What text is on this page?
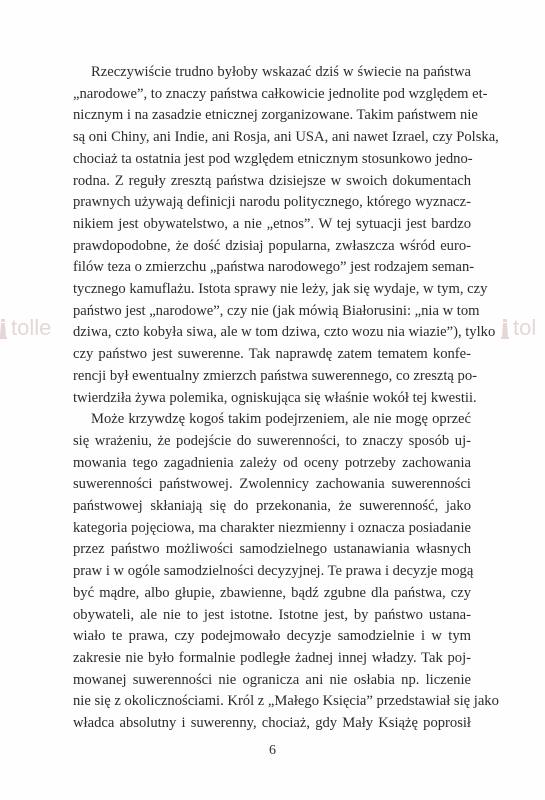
tolle	tol
Rzeczywiście trudno byłoby wskazać dziś w świecie na państwa
„narodowe”, to znaczy państwa całkowicie jednolite pod względem et-
nicznym i na zasadzie etnicznej zorganizowane. Takim państwem nie
są oni Chiny, ani Indie, ani Rosja, ani USA, ani nawet Izrael, czy Polska,
chociaż ta ostatnia jest pod względem etnicznym stosunkowo jedno-
rodna. Z reguły zresztą państwa dzisiejsze w swoich dokumentach
prawnych używają definicji narodu politycznego, którego wyznacz-
nikiem jest obywatelstwo, a nie „etnos”. W tej sytuacji jest bardzo
prawdopodobne, że dość dzisiaj popularna, zwłaszcza wśród euro-
filów teza o zmierzchu „państwa narodowego” jest rodzajem seman-
tycznego kamuflażu. Istota sprawy nie leży, jak się wydaje, w tym, czy
państwo jest „narodowe”, czy nie (jak mówią Białorusini: „nia w tom
dziwa, czto kobyła siwa, ale w tom dziwa, czto wozu nia wiazie”), tylko
czy państwo jest suwerenne. Tak naprawdę zatem tematem konfe-
rencji był ewentualny zmierzch państwa suwerennego, co zresztą po-
twierdziła żywa polemika, ogniskująca się właśnie wokół tej kwestii.
Może krzywdzę kogoś takim podejrzeniem, ale nie mogę oprzeć
się wrażeniu, że podejście do suwerenności, to znaczy sposób uj-
mowania tego zagadnienia zależy od oceny potrzeby zachowania
suwerenności państwowej. Zwolennicy zachowania suwerenności
państwowej skłaniają się do przekonania, że suwerenność, jako
kategoria pojęciowa, ma charakter niezmienny i oznacza posiadanie
przez państwo możliwości samodzielnego ustanawiania własnych
praw i w ogóle samodzielności decyzyjnej. Te prawa i decyzje mogą
być mądre, albo głupie, zbawienne, bądź zgubne dla państwa, czy
obywateli, ale nie to jest istotne. Istotne jest, by państwo ustana-
wiało te prawa, czy podejmowało decyzje samodzielnie i w tym
zakresie nie było formalnie podległe żadnej innej władzy. Tak poj-
mowanej suwerenności nie ogranicza ani nie osłabia np. liczenie
nie się z okolicznościami. Król z „Małego Księcia” przedstawiał się jako
władca absolutny i suwerenny, chociaż, gdy Mały Książę poprosił
6
